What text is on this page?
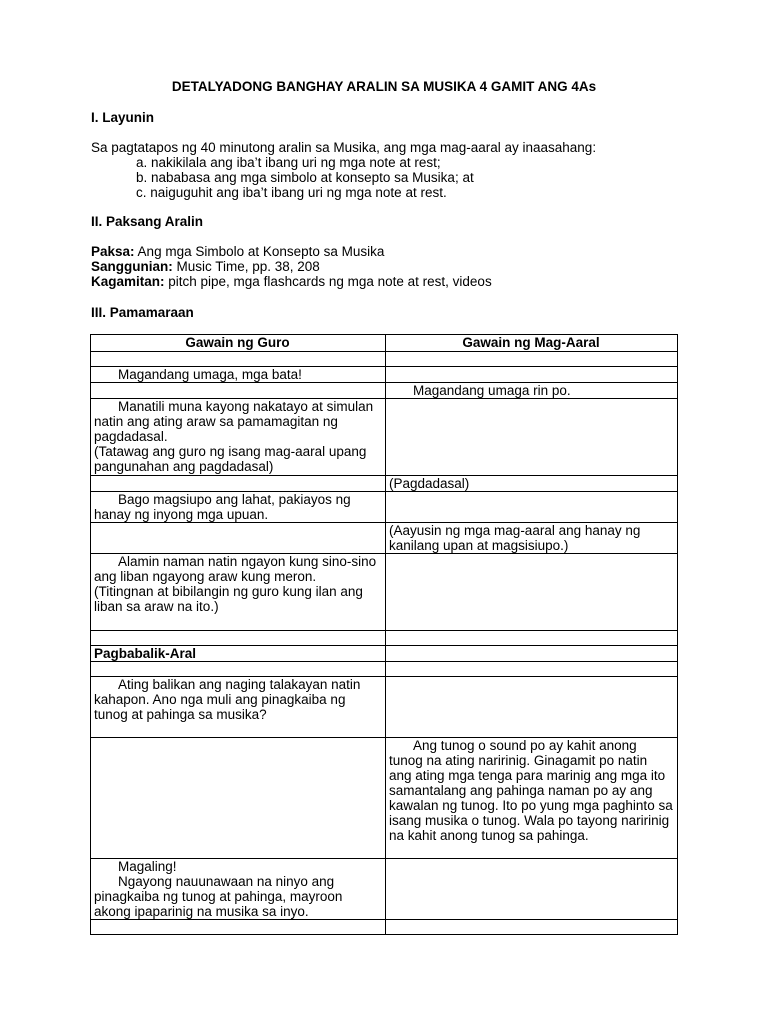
DETALYADONG BANGHAY ARALIN SA MUSIKA 4 GAMIT ANG 4As
I. Layunin
Sa pagtatapos ng 40 minutong aralin sa Musika, ang mga mag-aaral ay inaasahang:
a. nakikilala ang iba’t ibang uri ng mga note at rest;
b. nababasa ang mga simbolo at konsepto sa Musika; at
c. naiguguhit ang iba’t ibang uri ng mga note at rest.
II. Paksang Aralin
Paksa: Ang mga Simbolo at Konsepto sa Musika
Sanggunian: Music Time, pp. 38, 208
Kagamitan: pitch pipe, mga flashcards ng mga note at rest, videos
III. Pamamaraan
Gawain ng Guro	Gawain ng Mag-Aaral

Magandang umaga, mga bata!	

	Magandang umaga rin po.

Manatili muna kayong nakatayo at simulan natin ang ating araw sa pamamagitan ng pagdadasal.
(Tatawag ang guro ng isang mag-aaral upang pangunahan ang pagdadasal)	

	(Pagdadasal)

Bago magsiupo ang lahat, pakiayos ng hanay ng inyong mga upuan.	

	(Aayusin ng mga mag-aaral ang hanay ng kanilang upan at magsisiupo.)

Alamin naman natin ngayon kung sino-sino ang liban ngayong araw kung meron.
(Titingnan at bibilangin ng guro kung ilan ang liban sa araw na ito.)	

Pagbabalik-Aral	

Ating balikan ang naging talakayan natin kahapon. Ano nga muli ang pinagkaiba ng tunog at pahinga sa musika?	

	Ang tunog o sound po ay kahit anong tunog na ating naririnig. Ginagamit po natin ang ating mga tenga para marinig ang mga ito samantalang ang pahinga naman po ay ang kawalan ng tunog. Ito po yung mga paghinto sa isang musika o tunog. Wala po tayong naririnig na kahit anong tunog sa pahinga.

Magaling!
Ngayong nauunawaan na ninyo ang pinagkaiba ng tunog at pahinga, mayroon akong ipaparinig na musika sa inyo.	
